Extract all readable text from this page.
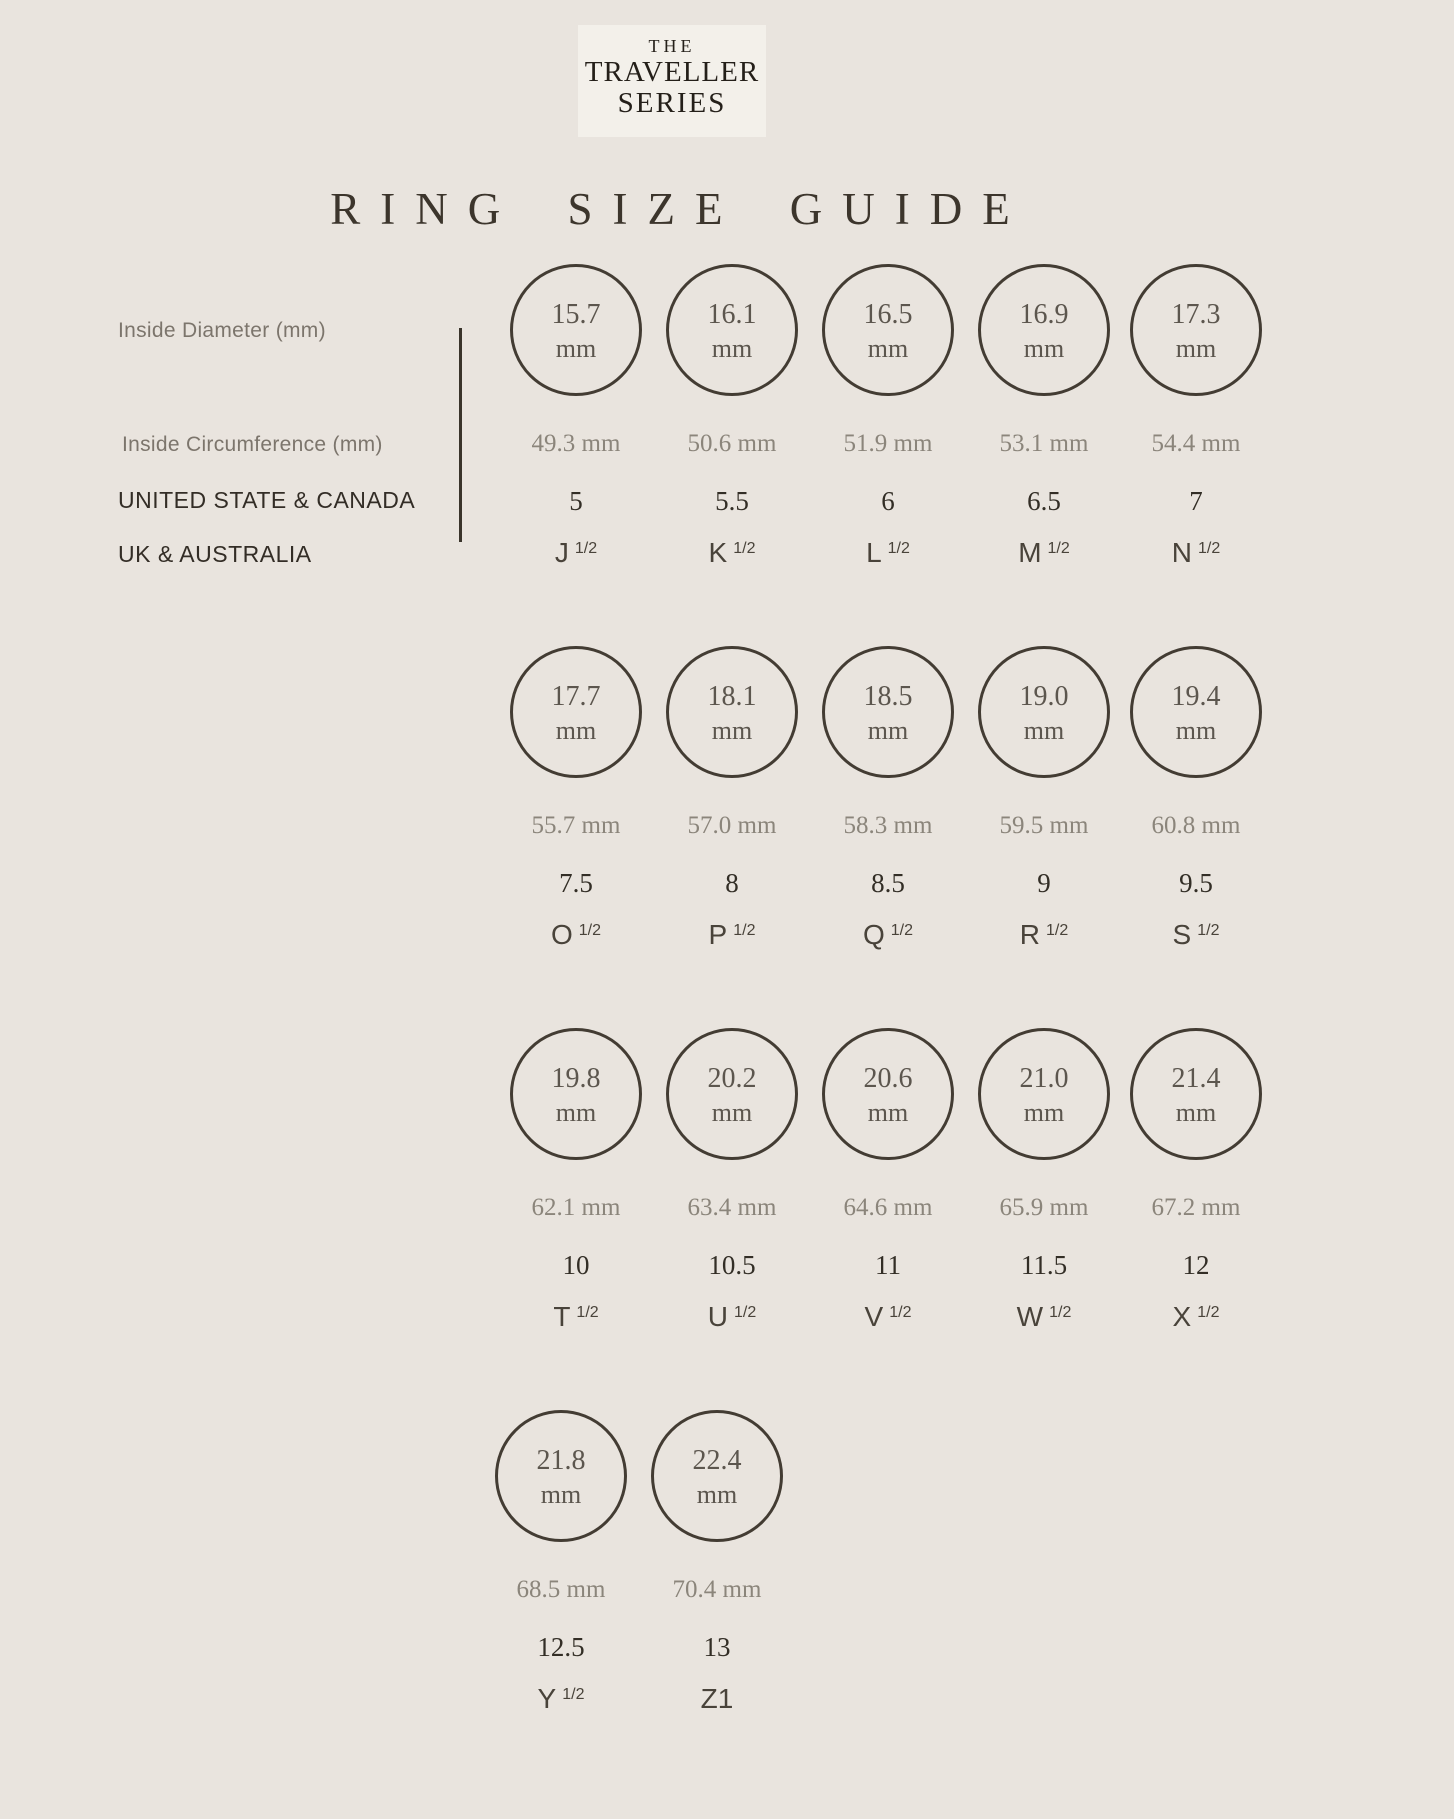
THE
TRAVELLER
SERIES
RING SIZE GUIDE
Inside Diameter (mm)
Inside Circumference (mm)
UNITED STATE & CANADA
UK & AUSTRALIA
15.7
mm
49.3 mm
5
J $^{1/2}$
16.1
mm
50.6 mm
5.5
K $^{1/2}$
16.5
mm
51.9 mm
6
L $^{1/2}$
16.9
mm
53.1 mm
6.5
M $^{1/2}$
17.3
mm
54.4 mm
7
N $^{1/2}$
17.7
mm
55.7 mm
7.5
O $^{1/2}$
18.1
mm
57.0 mm
8
P $^{1/2}$
18.5
mm
58.3 mm
8.5
Q $^{1/2}$
19.0
mm
59.5 mm
9
R $^{1/2}$
19.4
mm
60.8 mm
9.5
S $^{1/2}$
19.8
mm
62.1 mm
10
T $^{1/2}$
20.2
mm
63.4 mm
10.5
U $^{1/2}$
20.6
mm
64.6 mm
11
V $^{1/2}$
21.0
mm
65.9 mm
11.5
W $^{1/2}$
21.4
mm
67.2 mm
12
X $^{1/2}$
21.8
mm
68.5 mm
12.5
Y $^{1/2}$
22.4
mm
70.4 mm
13
Z1
